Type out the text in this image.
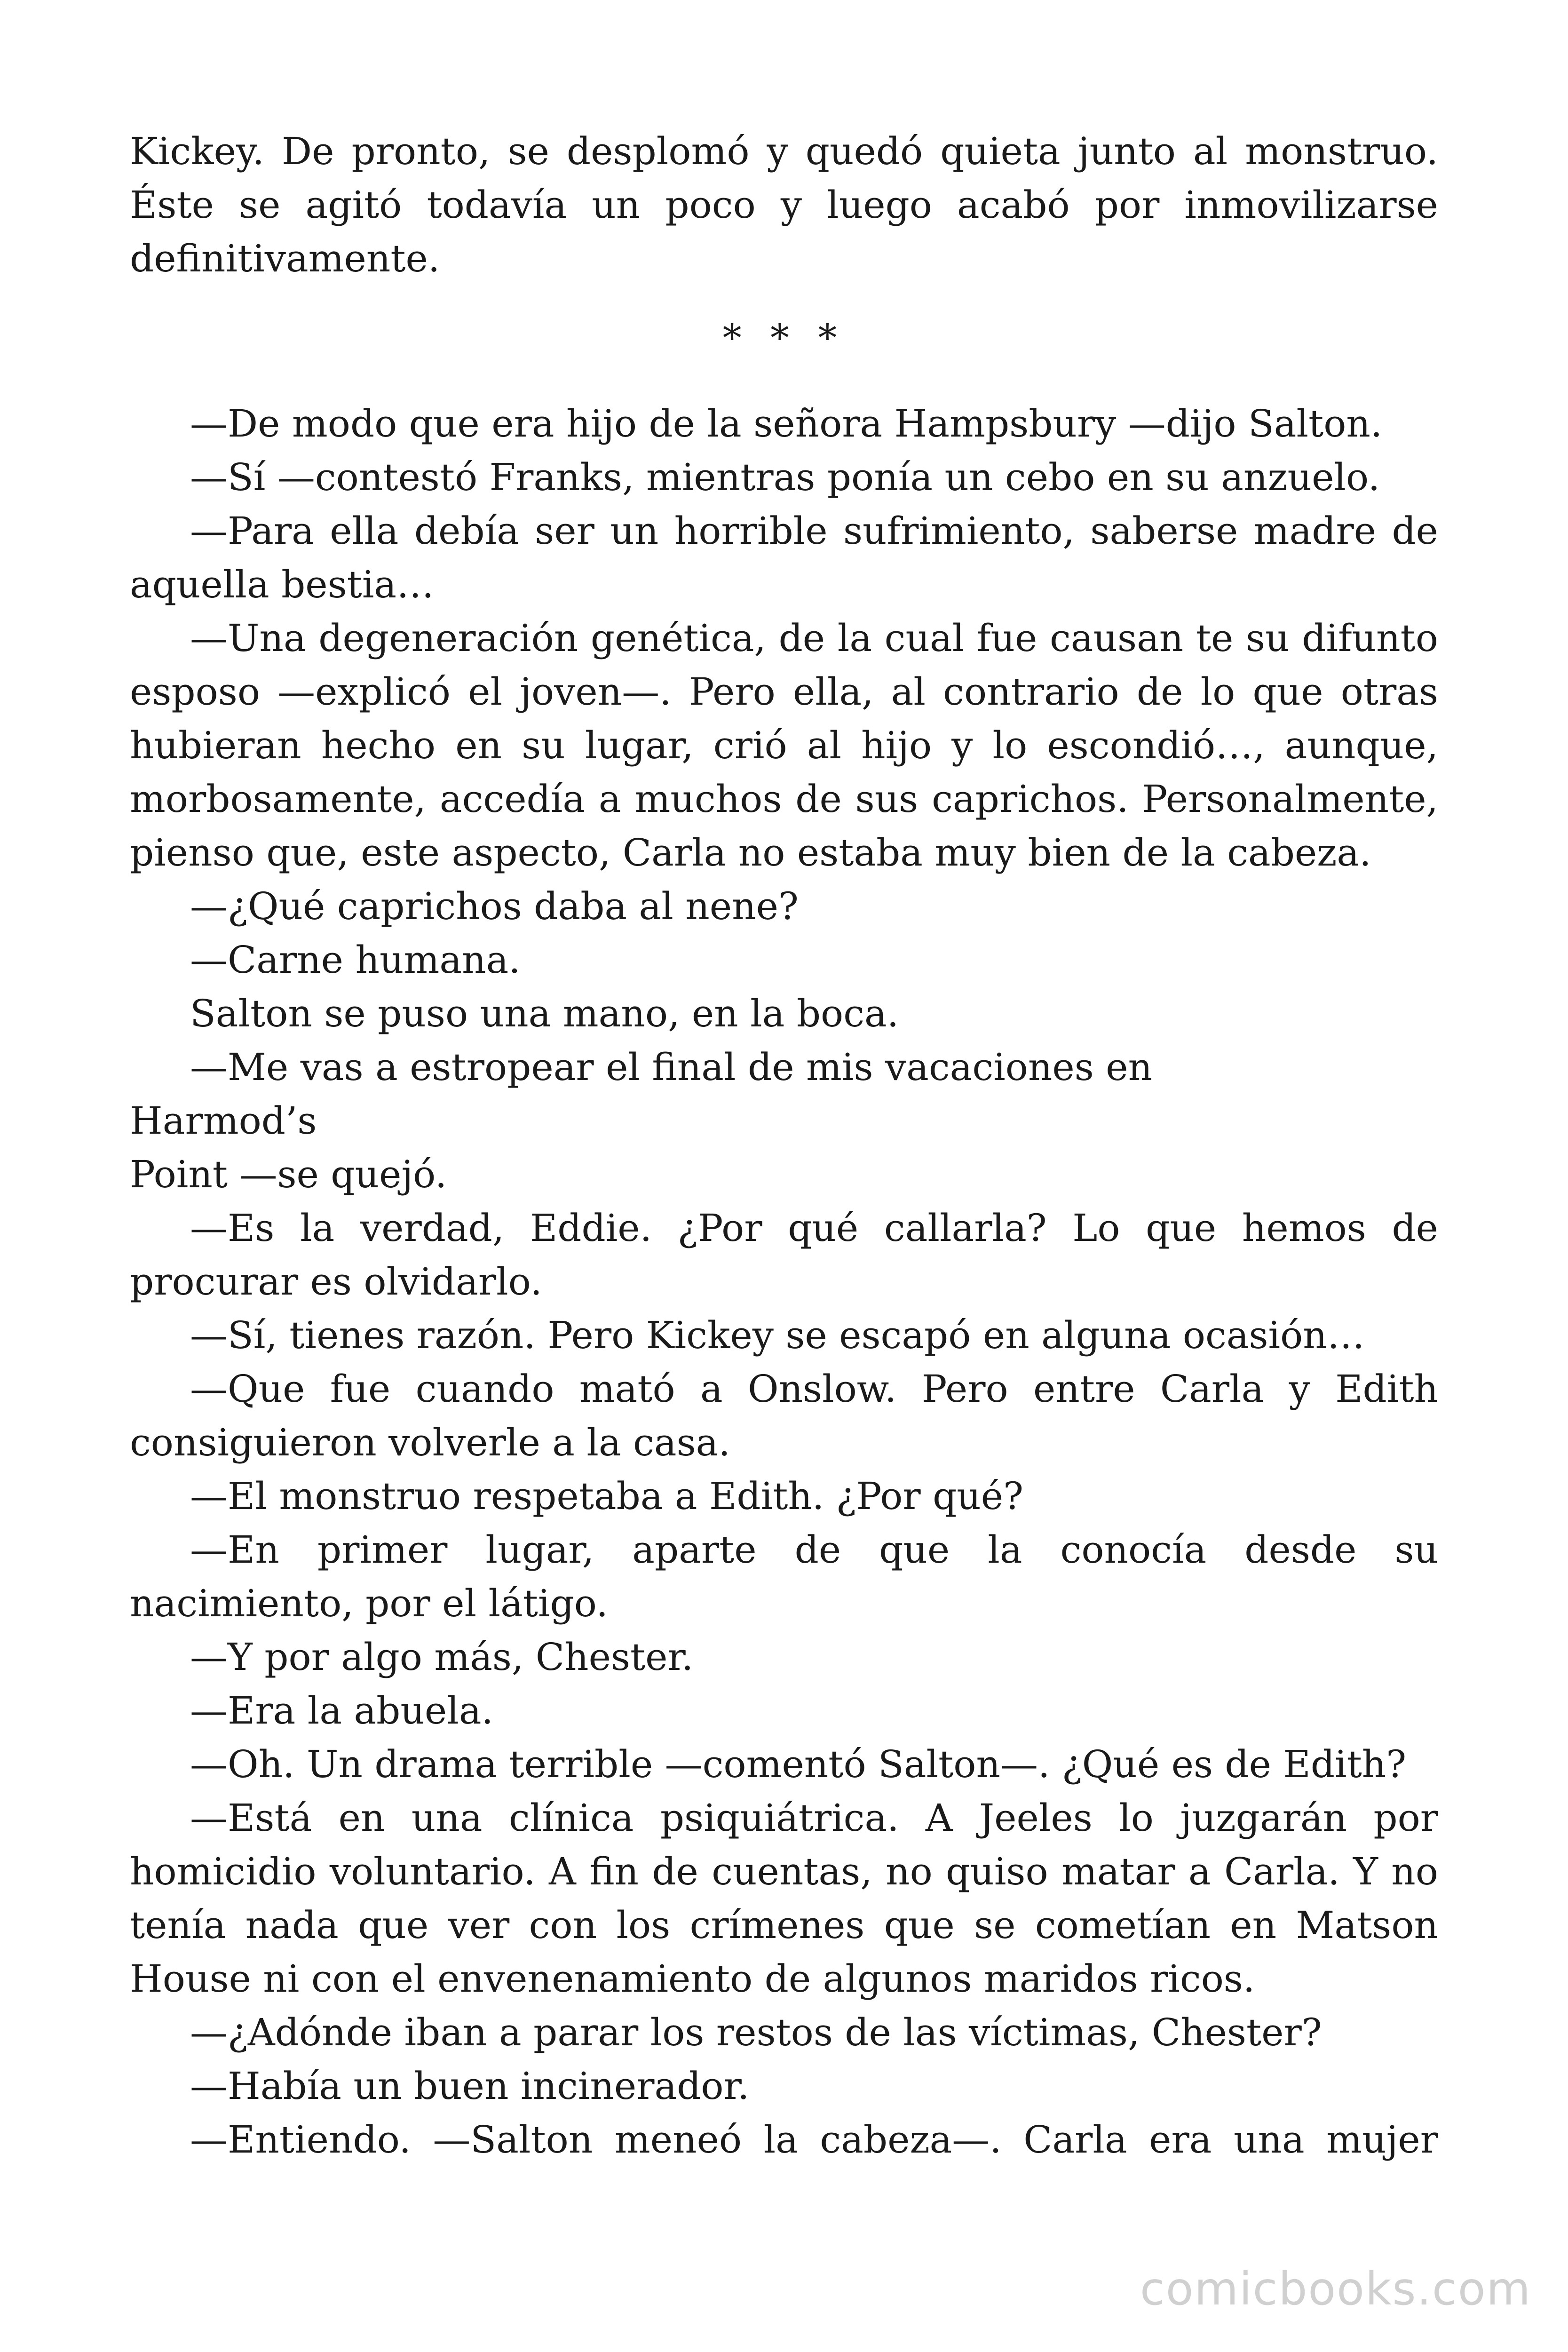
Kickey. De pronto, se desplomó y quedó quieta junto al monstruo. Éste se agitó todavía un poco y luego acabó por inmovilizarse definitivamente.

* * *

—De modo que era hijo de la señora Hampsbury —dijo Salton.

—Sí —contestó Franks, mientras ponía un cebo en su anzuelo.

—Para ella debía ser un horrible sufrimiento, saberse madre de aquella bestia…

—Una degeneración genética, de la cual fue causan te su difunto esposo —explicó el joven—. Pero ella, al contrario de lo que otras hubieran hecho en su lugar, crió al hijo y lo escondió…, aunque, morbosamente, accedía a muchos de sus caprichos. Personalmente, pienso que, este aspecto, Carla no estaba muy bien de la cabeza.

—¿Qué caprichos daba al nene?

—Carne humana.

Salton se puso una mano, en la boca.

—Me vas a estropear el final de mis vacaciones en

Harmod’s

Point —se quejó.

—Es la verdad, Eddie. ¿Por qué callarla? Lo que hemos de procurar es olvidarlo.

—Sí, tienes razón. Pero Kickey se escapó en alguna ocasión…

—Que fue cuando mató a Onslow. Pero entre Carla y Edith consiguieron volverle a la casa.

—El monstruo respetaba a Edith. ¿Por qué?

—En primer lugar, aparte de que la conocía desde su nacimiento, por el látigo.

—Y por algo más, Chester.

—Era la abuela.

—Oh. Un drama terrible —comentó Salton—. ¿Qué es de Edith?

—Está en una clínica psiquiátrica. A Jeeles lo juzgarán por homicidio voluntario. A fin de cuentas, no quiso matar a Carla. Y no tenía nada que ver con los crímenes que se cometían en Matson House ni con el envenenamiento de algunos maridos ricos.

—¿Adónde iban a parar los restos de las víctimas, Chester?

—Había un buen incinerador.

—Entiendo. —Salton meneó la cabeza—. Carla era una mujer

comicbooks.com
